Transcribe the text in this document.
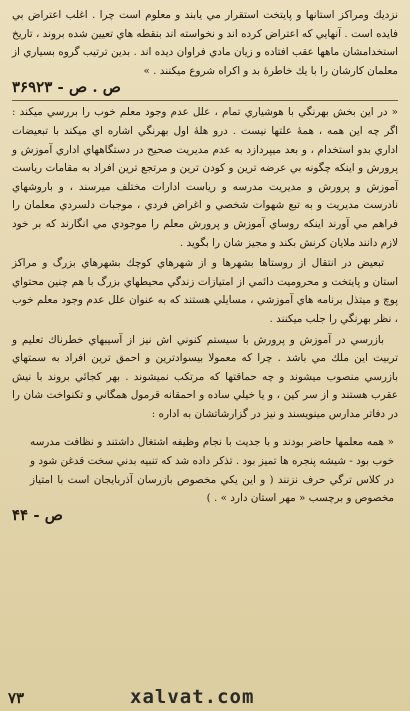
نزديك ومراكز استانها و پايتخت استقرار مي يابند و معلوم است چرا . اغلب اعتراض بي فايده است . آنهايي كه اعتراض كرده اند و نخواسته اند بنقطه هاي تعيين شده بروند ، تاريخ استخدامشان ماهها عقب افتاده و زيان مادي فراوان ديده اند . بدين ترتيب گروه بسياري از معلمان كارشان را با يك خاطرهٔ بد و اكراه شروع ميكنند . »

ص . ص - ۳۶۹۲۳

« در اين بخش بهرنگي با هوشياري تمام ، علل عدم وجود معلم خوب را بررسي ميكند : اگر چه اين همه ، همهٔ علتها نيست . درو هلهٔ اول بهرنگي اشاره اي ميكند با تبعيضات اداري بدو استخدام ، و بعد ميپردازد به عدم مديريت صحيح در دستگاههاي اداري آموزش و پرورش و اينكه چگونه بي عرضه ترين و كودن ترين و مرتجع ترين افراد به مقامات رياست آموزش و پرورش و مديريت مدرسه و رياست ادارات مختلف ميرسند ، و باروشهاي نادرست مديريت و به تبع شهوات شخصي و اغراض فردي ، موجبات دلسردي معلمان را فراهم مي آورند اينكه روساي آموزش و پرورش معلم را موجودي مي انگارند كه بر خود لازم دانند ملايان كرنش بكند و مجيز شان را بگويد .

تبعيض در انتقال از روستاها بشهرها و از شهرهاي كوچك بشهرهاي بزرگ و مراكز استان و پايتخت و محروميت دائمي از امتيازات زندگي محيطهاي بزرگ با هم چنين محتواي پوچ و ميتذل برنامه هاي آموزشي ، مسايلي هستند كه به عنوان علل عدم وجود معلم خوب ، نظر بهرنگي را جلب ميكنند .

بازرسي در آموزش و پرورش با سيستم كنوني اش نيز از آسيبهاي خطرناك تعليم و تربيت اين ملك مي باشد . چرا كه معمولا بيسوادترين و احمق ترين افراد به سمتهاي بازرسي منصوب ميشوند و چه حماقتها كه مرتكب نميشوند . بهر كجائي بروند با نيش عقرب هستند و از سر كين ، و يا خيلي ساده و احمقانه قرمول همگاني و تكنواخت شان را در دفاتر مدارس مينويسند و نيز در گزارشاتشان به اداره :

« همه معلمها حاضر بودند و با جديت با نجام وظيفه اشتغال داشتند و نظافت مدرسه خوب بود - شيشه پنجره ها تميز بود . تذكر داده شد كه تنبيه بدني سخت قدغن شود و در كلاس ترگي حرف نزنند ( و اين يكي مخصوص بازرسان آذربايجان است با امتياز مخصوص و برچسب « مهر استان دارد » . )

ص - ۴۴
۷۳	xalvat.com
